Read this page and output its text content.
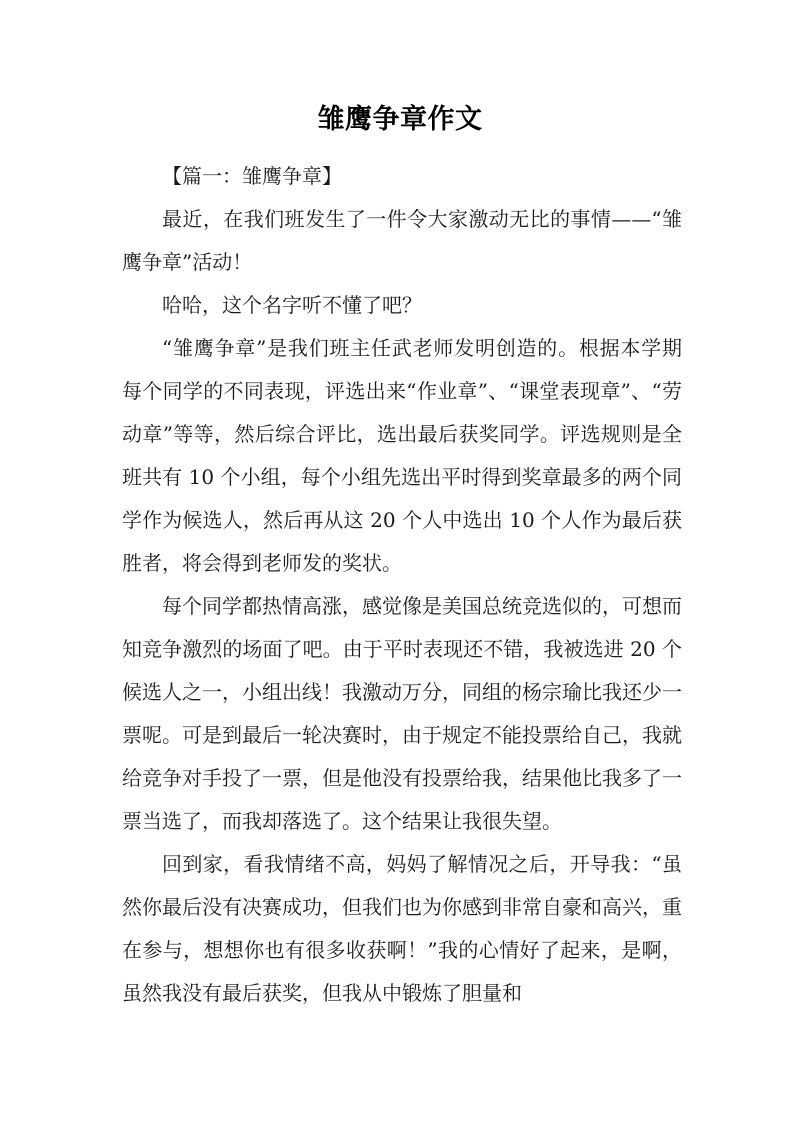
雏鹰争章作文

【篇一：雏鹰争章】

最近，在我们班发生了一件令大家激动无比的事情——“雏鹰争章”活动！

哈哈，这个名字听不懂了吧？

“雏鹰争章”是我们班主任武老师发明创造的。根据本学期每个同学的不同表现，评选出来“作业章”、“课堂表现章”、“劳动章”等等，然后综合评比，选出最后获奖同学。评选规则是全班共有 10 个小组，每个小组先选出平时得到奖章最多的两个同学作为候选人，然后再从这 20 个人中选出 10 个人作为最后获胜者，将会得到老师发的奖状。

每个同学都热情高涨，感觉像是美国总统竞选似的，可想而知竞争激烈的场面了吧。由于平时表现还不错，我被选进 20 个候选人之一，小组出线！我激动万分，同组的杨宗瑜比我还少一票呢。可是到最后一轮决赛时，由于规定不能投票给自己，我就给竞争对手投了一票，但是他没有投票给我，结果他比我多了一票当选了，而我却落选了。这个结果让我很失望。

回到家，看我情绪不高，妈妈了解情况之后，开导我：“虽然你最后没有决赛成功，但我们也为你感到非常自豪和高兴，重在参与，想想你也有很多收获啊！”我的心情好了起来，是啊，虽然我没有最后获奖，但我从中锻炼了胆量和
